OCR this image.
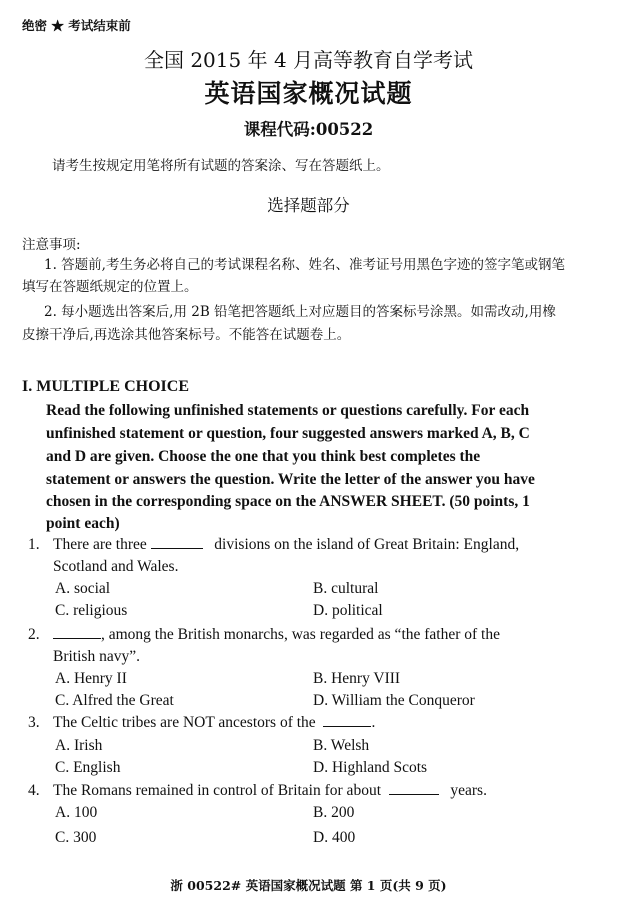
绝密 ★ 考试结束前
全国 2015 年 4 月高等教育自学考试
英语国家概况试题
课程代码:00522
请考生按规定用笔将所有试题的答案涂、写在答题纸上。
选择题部分
注意事项:
1. 答题前,考生务必将自己的考试课程名称、姓名、准考证号用黑色字迹的签字笔或钢笔
填写在答题纸规定的位置上。
2. 每小题选出答案后,用 2B 铅笔把答题纸上对应题目的答案标号涂黑。如需改动,用橡
皮擦干净后,再选涂其他答案标号。不能答在试题卷上。
I. MULTIPLE CHOICE
Read the following unfinished statements or questions carefully. For each
unfinished statement or question, four suggested answers marked A, B, C
and D are given. Choose the one that you think best completes the
statement or answers the question. Write the letter of the answer you have
chosen in the corresponding space on the ANSWER SHEET. (50 points, 1
point each)
1. There are three	divisions on the island of Great Britain: England,
Scotland and Wales.
A. social	B. cultural
C. religious	D. political
2.	, among the British monarchs, was regarded as “the father of the
British navy”.
A. Henry II	B. Henry VIII
C. Alfred the Great	D. William the Conqueror
3. The Celtic tribes are NOT ancestors of the	.
A. Irish	B. Welsh
C. English	D. Highland Scots
4. The Romans remained in control of Britain for about	years.
A. 100	B. 200
C. 300	D. 400
浙 00522# 英语国家概况试题 第 1 页(共 9 页)
